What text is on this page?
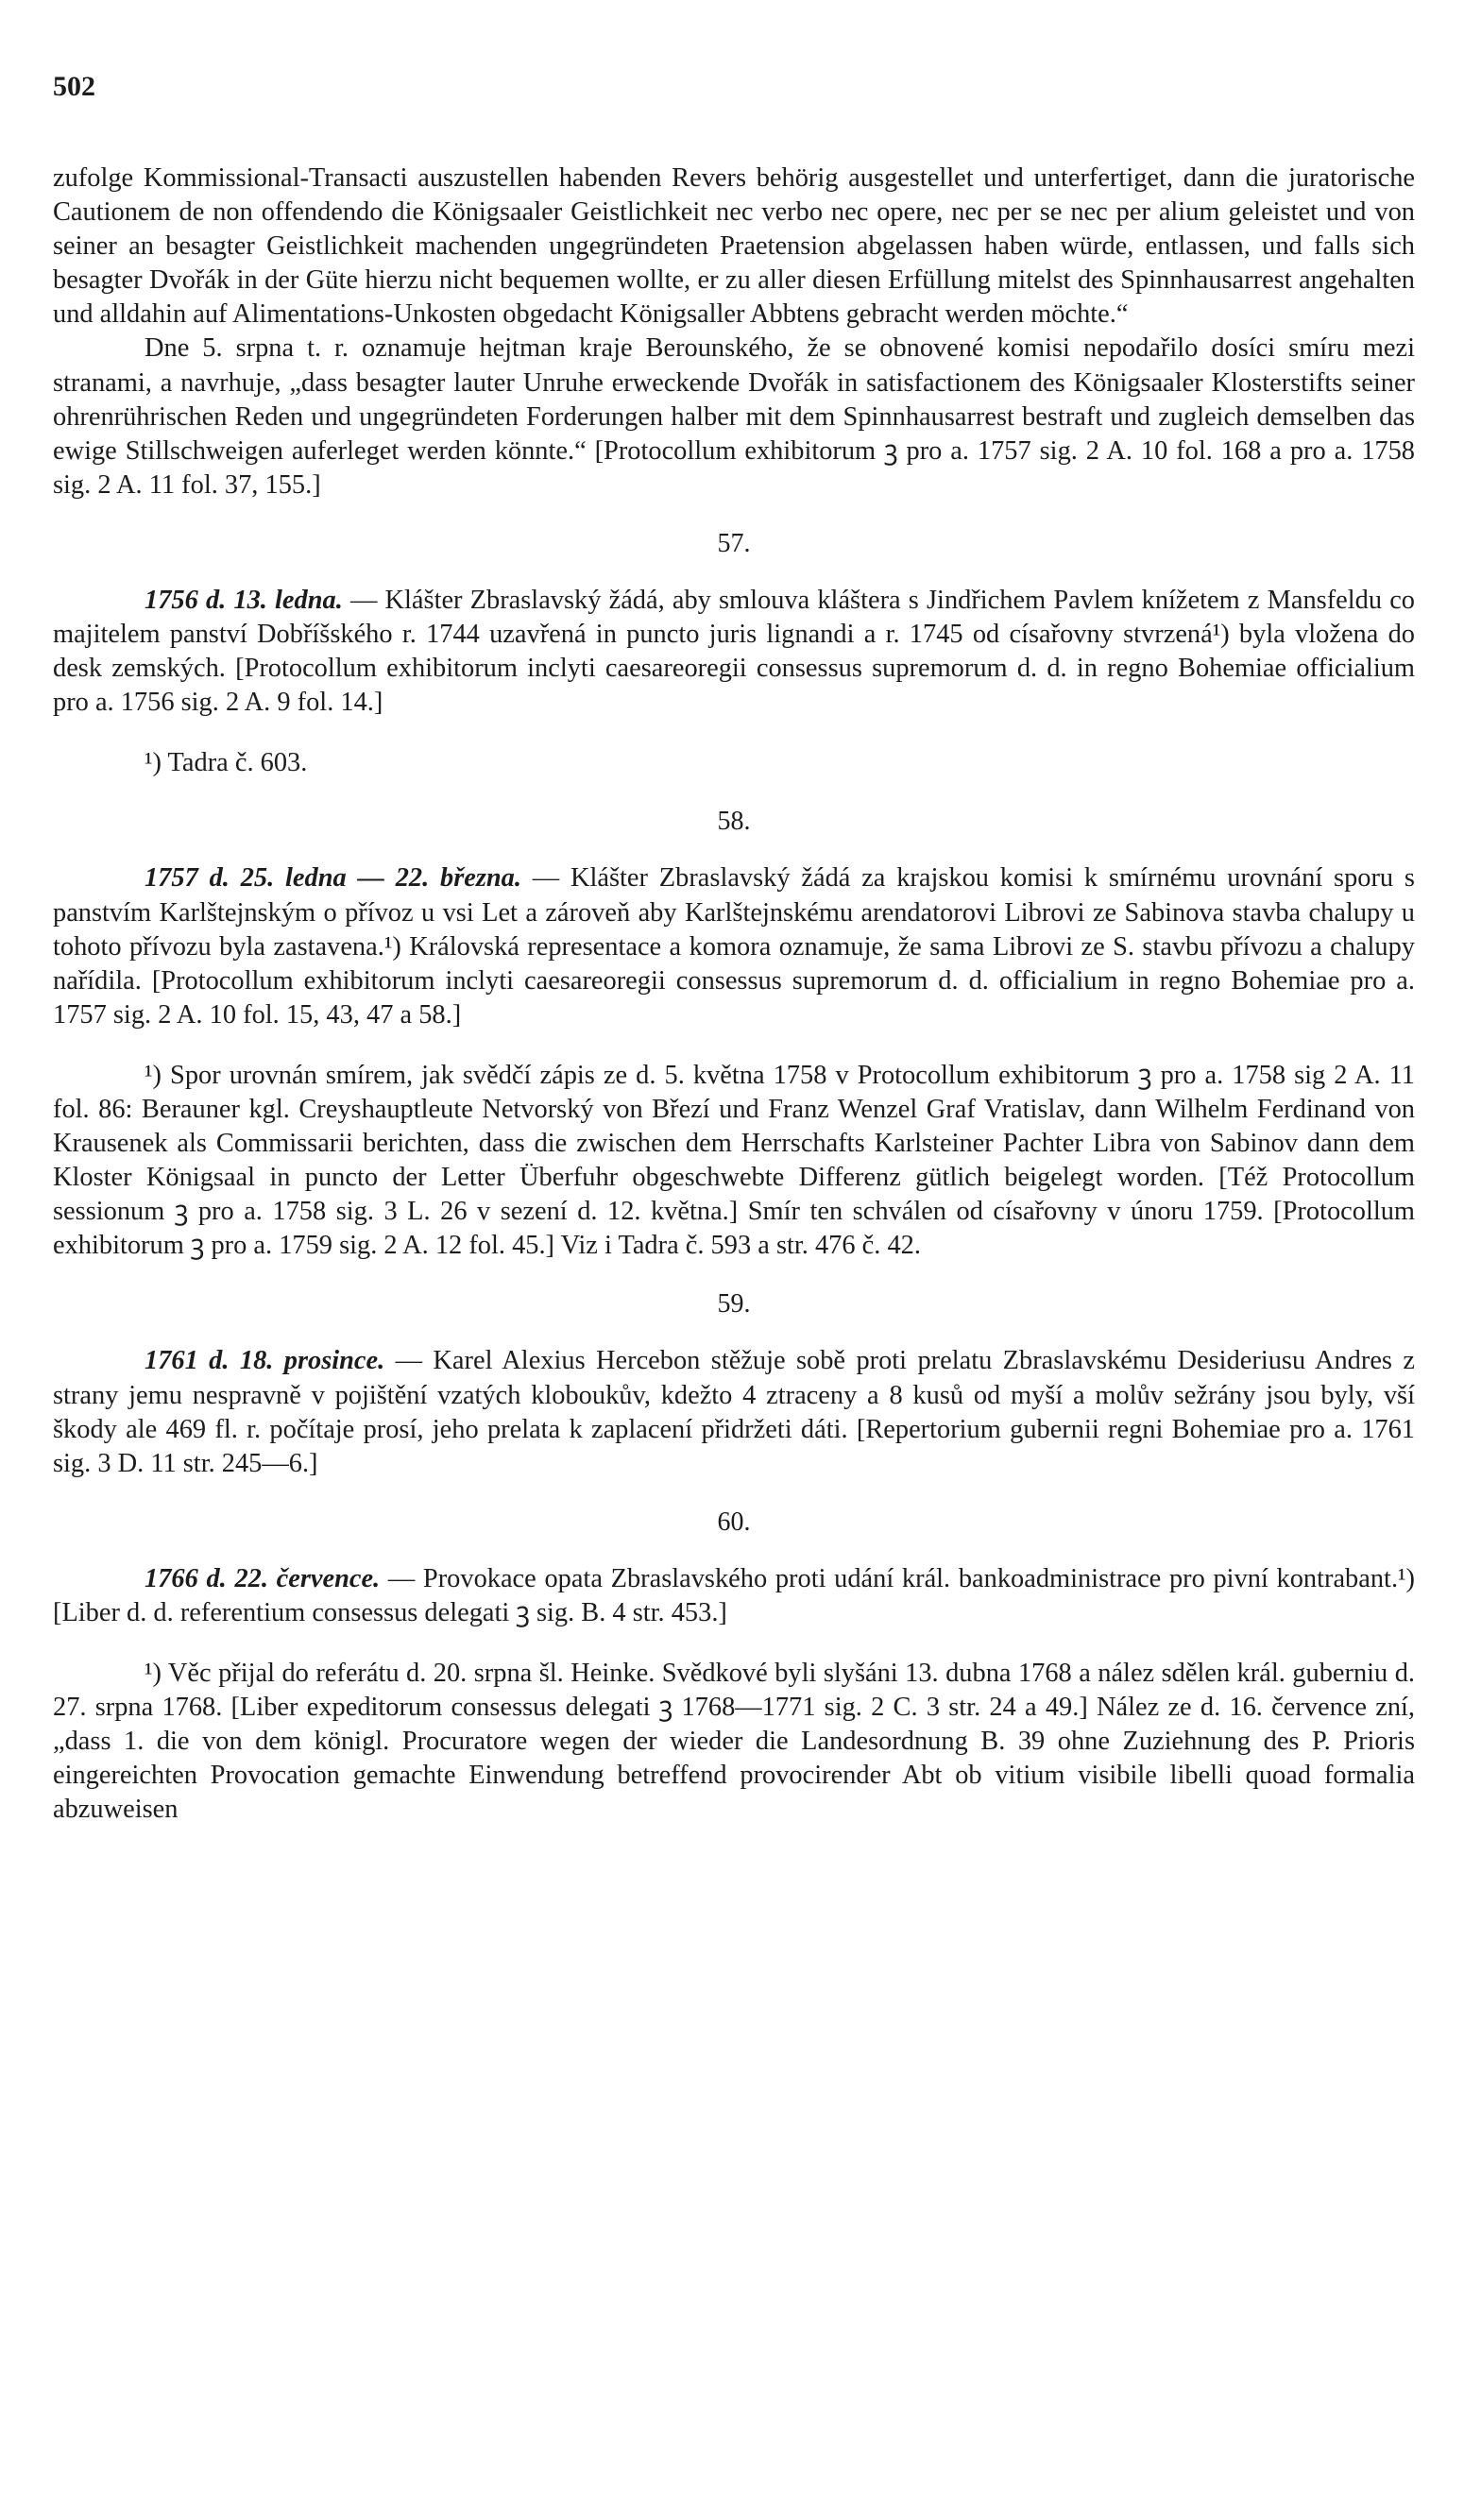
502

zufolge Kommissional-Transacti auszustellen habenden Revers behörig ausgestellet und unterfertiget, dann die juratorische Cautionem de non offendendo die Königsaaler Geistlichkeit nec verbo nec opere, nec per se nec per alium geleistet und von seiner an besagter Geistlichkeit machenden ungegründeten Praetension abgelassen haben würde, entlassen, und falls sich besagter Dvořák in der Güte hierzu nicht bequemen wollte, er zu aller diesen Erfüllung mitelst des Spinnhausarrest angehalten und alldahin auf Alimentations-Unkosten obgedacht Königsaller Abbtens gebracht werden möchte.“

Dne 5. srpna t. r. oznamuje hejtman kraje Berounského, že se obnovené komisi nepodařilo dosíci smíru mezi stranami, a navrhuje, „dass besagter lauter Unruhe erweckende Dvořák in satisfactionem des Königsaaler Klosterstifts seiner ohrenrührischen Reden und ungegründeten Forderungen halber mit dem Spinnhausarrest bestraft und zugleich demselben das ewige Stillschweigen auferleget werden könnte.“ [Protocollum exhibitorum ꝫ pro a. 1757 sig. 2 A. 10 fol. 168 a pro a. 1758 sig. 2 A. 11 fol. 37, 155.]

57.

1756 d. 13. ledna. — Klášter Zbraslavský žádá, aby smlouva kláštera s Jindřichem Pavlem knížetem z Mansfeldu co majitelem panství Dobříšského r. 1744 uzavřená in puncto juris lignandi a r. 1745 od císařovny stvrzená¹) byla vložena do desk zemských. [Protocollum exhibitorum inclyti caesareoregii consessus supremorum d. d. in regno Bohemiae officialium pro a. 1756 sig. 2 A. 9 fol. 14.]

¹) Tadra č. 603.

58.

1757 d. 25. ledna — 22. března. — Klášter Zbraslavský žádá za krajskou komisi k smírnému urovnání sporu s panstvím Karlštejnským o přívoz u vsi Let a zároveň aby Karlštejnskému arendatorovi Librovi ze Sabinova stavba chalupy u tohoto přívozu byla zastavena.¹) Královská representace a komora oznamuje, že sama Librovi ze S. stavbu přívozu a chalupy nařídila. [Protocollum exhibitorum inclyti caesareoregii consessus supremorum d. d. officialium in regno Bohemiae pro a. 1757 sig. 2 A. 10 fol. 15, 43, 47 a 58.]

¹) Spor urovnán smírem, jak svědčí zápis ze d. 5. května 1758 v Protocollum exhibitorum ꝫ pro a. 1758 sig 2 A. 11 fol. 86: Berauner kgl. Creyshauptleute Netvorský von Březí und Franz Wenzel Graf Vratislav, dann Wilhelm Ferdinand von Krausenek als Commissarii berichten, dass die zwischen dem Herrschafts Karlsteiner Pachter Libra von Sabinov dann dem Kloster Königsaal in puncto der Letter Überfuhr obgeschwebte Differenz gütlich beigelegt worden. [Též Protocollum sessionum ꝫ pro a. 1758 sig. 3 L. 26 v sezení d. 12. května.] Smír ten schválen od císařovny v únoru 1759. [Protocollum exhibitorum ꝫ pro a. 1759 sig. 2 A. 12 fol. 45.] Viz i Tadra č. 593 a str. 476 č. 42.

59.

1761 d. 18. prosince. — Karel Alexius Hercebon stěžuje sobě proti prelatu Zbraslavskému Desideriusu Andres z strany jemu nespravně v pojištění vzatých kloboukův, kdežto 4 ztraceny a 8 kusů od myší a molův sežrány jsou byly, vší škody ale 469 fl. r. počítaje prosí, jeho prelata k zaplacení přidržeti dáti. [Repertorium gubernii regni Bohemiae pro a. 1761 sig. 3 D. 11 str. 245—6.]

60.

1766 d. 22. července. — Provokace opata Zbraslavského proti udání král. bankoadministrace pro pivní kontrabant.¹) [Liber d. d. referentium consessus delegati ꝫ sig. B. 4 str. 453.]

¹) Věc přijal do referátu d. 20. srpna šl. Heinke. Svědkové byli slyšáni 13. dubna 1768 a nález sdělen král. guberniu d. 27. srpna 1768. [Liber expeditorum consessus delegati ꝫ 1768—1771 sig. 2 C. 3 str. 24 a 49.] Nález ze d. 16. července zní, „dass 1. die von dem königl. Procuratore wegen der wieder die Landesordnung B. 39 ohne Zuziehnung des P. Prioris eingereichten Provocation gemachte Einwendung betreffend provocirender Abt ob vitium visibile libelli quoad formalia abzuweisen
